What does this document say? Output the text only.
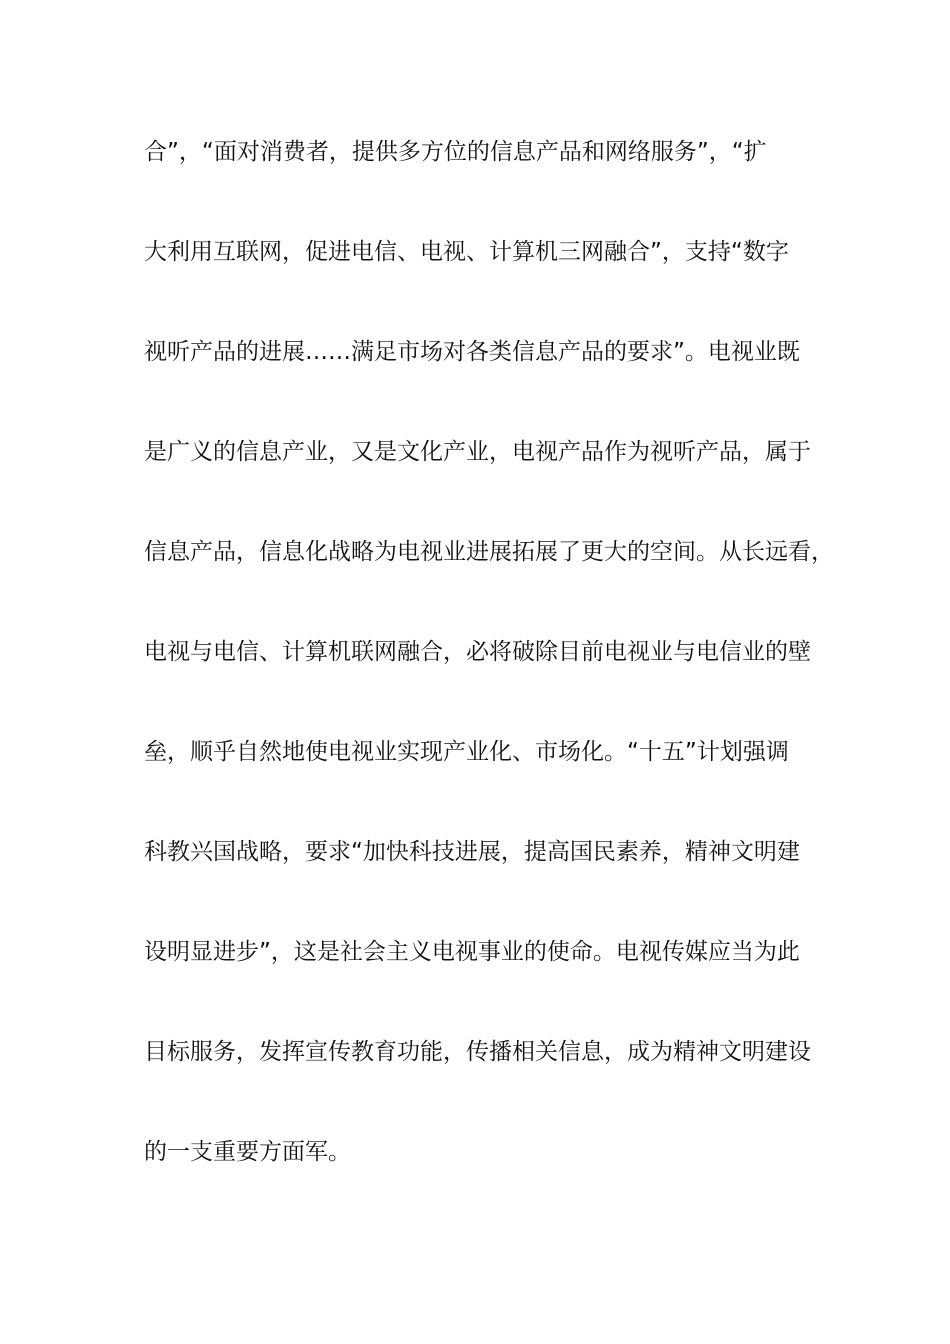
合”，“面对消费者，提供多方位的信息产品和网络服务”，“扩
大利用互联网，促进电信、电视、计算机三网融合”，支持“数字
视听产品的进展……满足市场对各类信息产品的要求”。电视业既
是广义的信息产业，又是文化产业，电视产品作为视听产品，属于
信息产品，信息化战略为电视业进展拓展了更大的空间。从长远看，
电视与电信、计算机联网融合，必将破除目前电视业与电信业的壁
垒，顺乎自然地使电视业实现产业化、市场化。“十五”计划强调
科教兴国战略，要求“加快科技进展，提高国民素养，精神文明建
设明显进步”，这是社会主义电视事业的使命。电视传媒应当为此
目标服务，发挥宣传教育功能，传播相关信息，成为精神文明建设
的一支重要方面军。
